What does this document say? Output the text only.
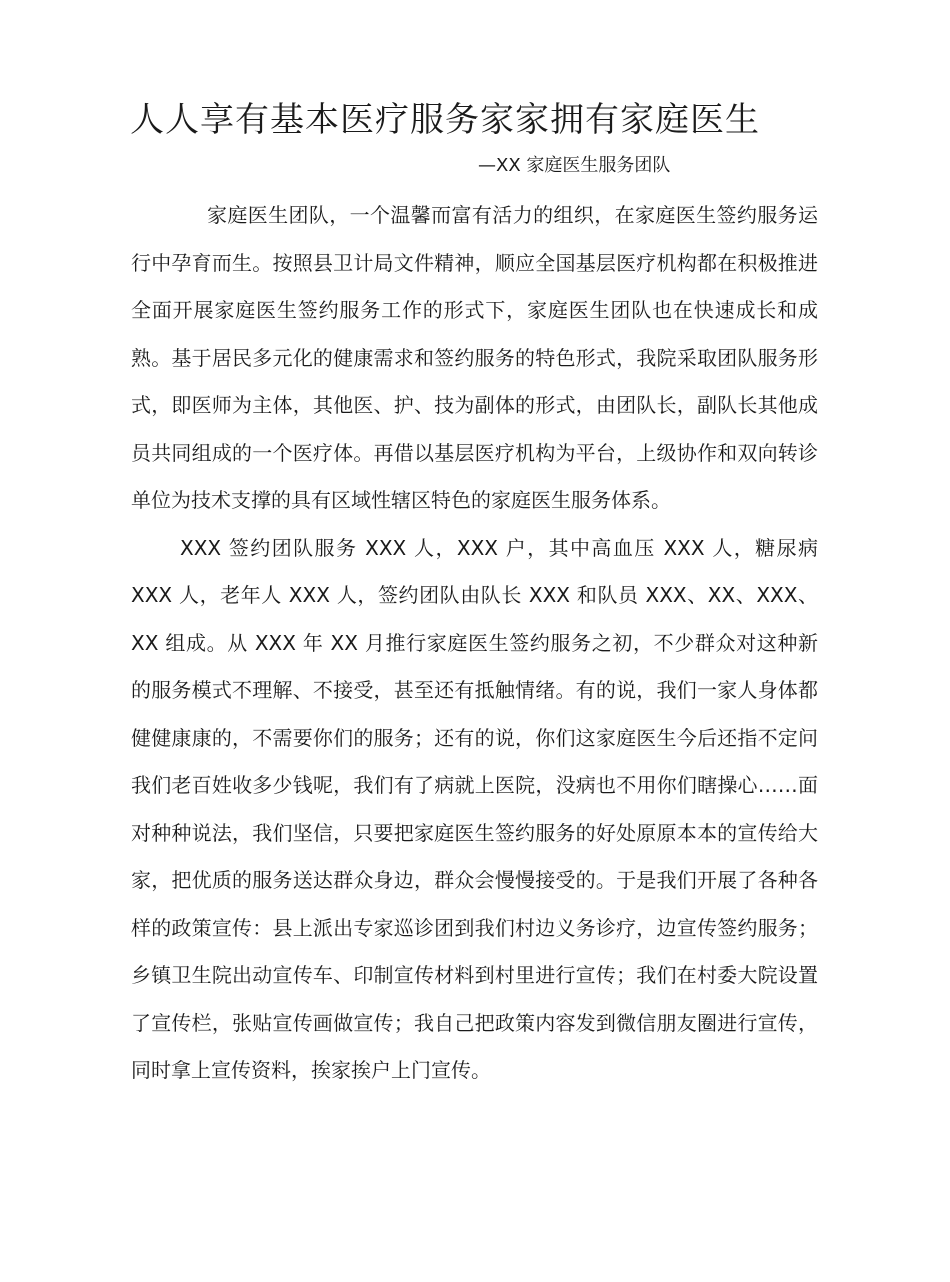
人人享有基本医疗服务家家拥有家庭医生

—XX 家庭医生服务团队

家庭医生团队，一个温馨而富有活力的组织，在家庭医生签约服务运行中孕育而生。按照县卫计局文件精神，顺应全国基层医疗机构都在积极推进全面开展家庭医生签约服务工作的形式下，家庭医生团队也在快速成长和成熟。基于居民多元化的健康需求和签约服务的特色形式，我院采取团队服务形式，即医师为主体，其他医、护、技为副体的形式，由团队长，副队长其他成员共同组成的一个医疗体。再借以基层医疗机构为平台，上级协作和双向转诊单位为技术支撑的具有区域性辖区特色的家庭医生服务体系。

XXX 签约团队服务 XXX 人，XXX 户，其中高血压 XXX 人，糖尿病 XXX 人，老年人 XXX 人，签约团队由队长 XXX 和队员 XXX、XX、XXX、XX 组成。从 XXX 年 XX 月推行家庭医生签约服务之初，不少群众对这种新的服务模式不理解、不接受，甚至还有抵触情绪。有的说，我们一家人身体都健健康康的，不需要你们的服务；还有的说，你们这家庭医生今后还指不定问我们老百姓收多少钱呢，我们有了病就上医院，没病也不用你们瞎操心……面对种种说法，我们坚信，只要把家庭医生签约服务的好处原原本本的宣传给大家，把优质的服务送达群众身边，群众会慢慢接受的。于是我们开展了各种各样的政策宣传：县上派出专家巡诊团到我们村边义务诊疗，边宣传签约服务；乡镇卫生院出动宣传车、印制宣传材料到村里进行宣传；我们在村委大院设置了宣传栏，张贴宣传画做宣传；我自己把政策内容发到微信朋友圈进行宣传，同时拿上宣传资料，挨家挨户上门宣传。
